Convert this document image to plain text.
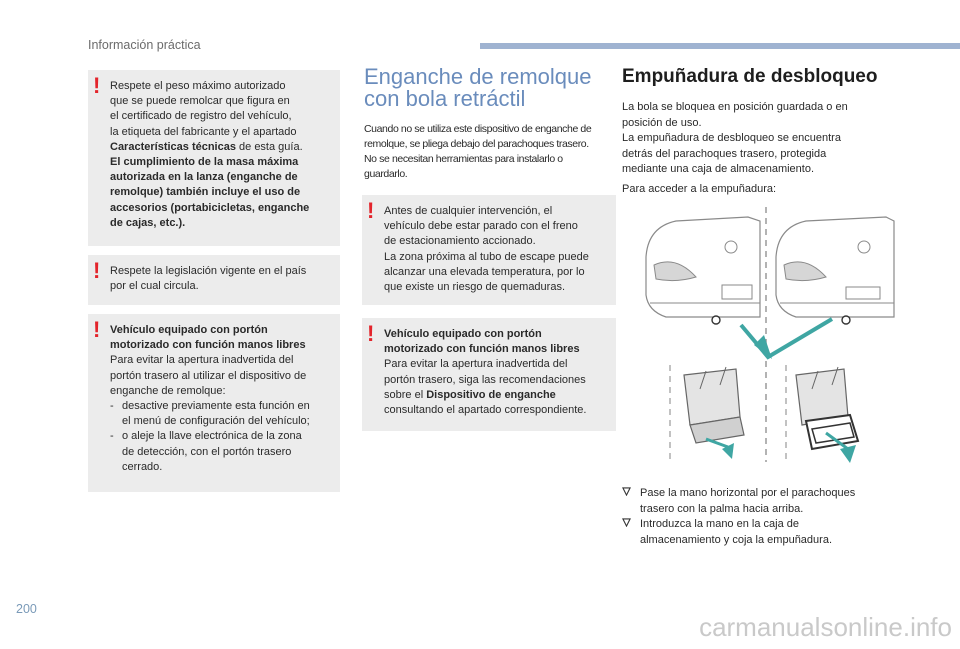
Información práctica
! Respete el peso máximo autorizado

que se puede remolcar que figura en

el certificado de registro del vehículo,

la etiqueta del fabricante y el apartado

Características técnicas de esta guía.

El cumplimiento de la masa máxima

autorizada en la lanza (enganche de

remolque) también incluye el uso de

accesorios (portabicicletas, enganche

de cajas, etc.).

! Respete la legislación vigente en el país

por el cual circula.

! Vehículo equipado con portón

motorizado con función manos libres

Para evitar la apertura inadvertida del

portón trasero al utilizar el dispositivo de

enganche de remolque:

- desactive previamente esta función en

el menú de configuración del vehículo;

- o aleje la llave electrónica de la zona

de detección, con el portón trasero

cerrado.

Enganche de remolque
con bola retráctil

Cuando no se utiliza este dispositivo de enganche de

remolque, se pliega debajo del parachoques trasero.

No se necesitan herramientas para instalarlo o

guardarlo.

! Antes de cualquier intervención, el

vehículo debe estar parado con el freno

de estacionamiento accionado.

La zona próxima al tubo de escape puede

alcanzar una elevada temperatura, por lo

que existe un riesgo de quemaduras.

! Vehículo equipado con portón

motorizado con función manos libres

Para evitar la apertura inadvertida del

portón trasero, siga las recomendaciones

sobre el Dispositivo de enganche

consultando el apartado correspondiente.

Empuñadura de desbloqueo

La bola se bloquea en posición guardada o en

posición de uso.

La empuñadura de desbloqueo se encuentra

detrás del parachoques trasero, protegida

mediante una caja de almacenamiento.

Para acceder a la empuñadura:

Pase la mano horizontal por el parachoques

trasero con la palma hacia arriba.

Introduzca la mano en la caja de

almacenamiento y coja la empuñadura.

200
carmanualsonline.info
